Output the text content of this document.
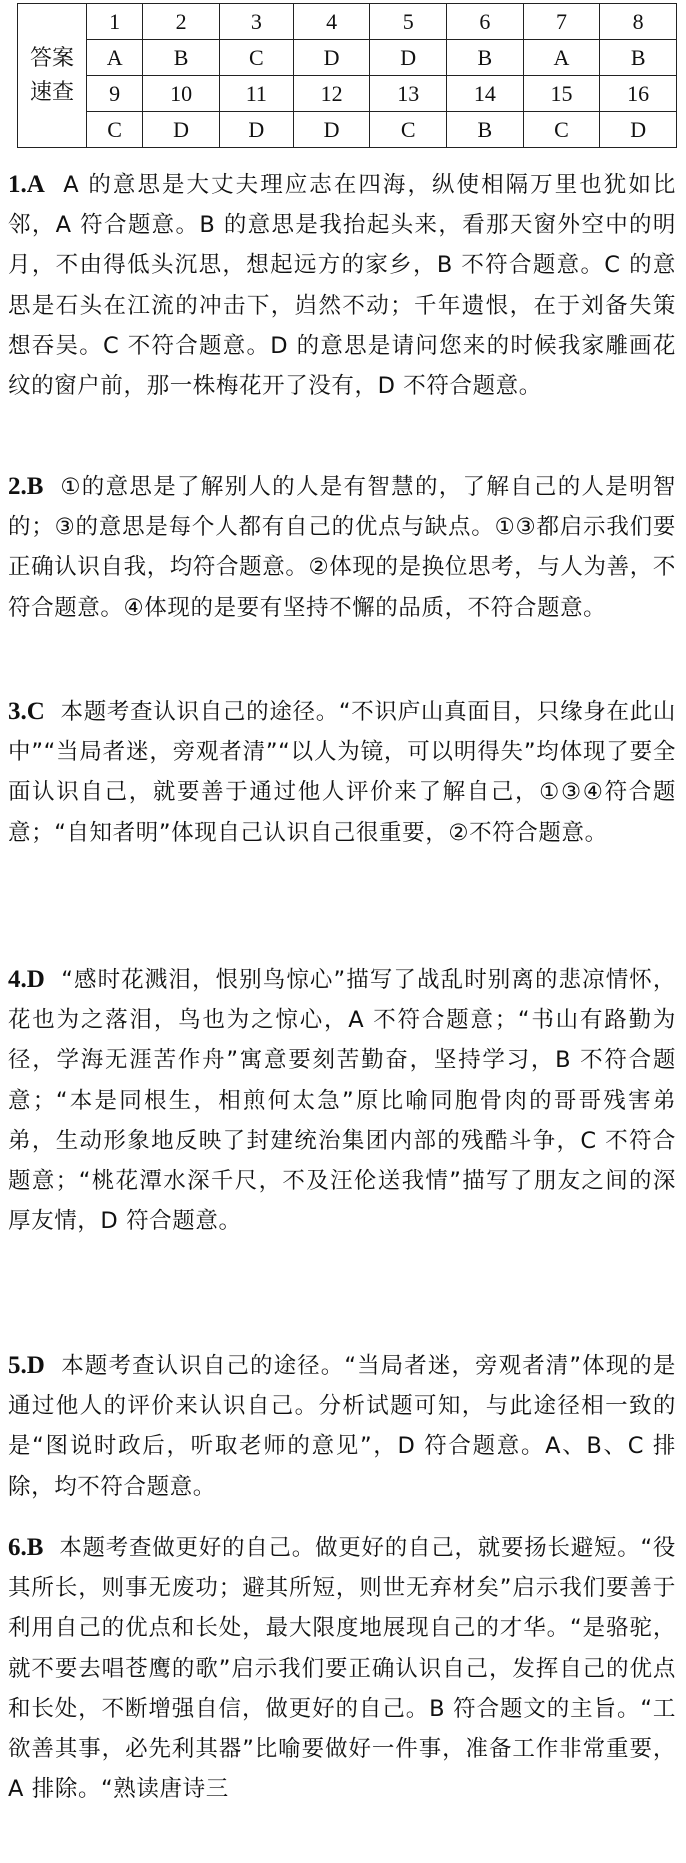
答案
速查	1	2	3	4	5	6	7	8
	A	B	C	D	D	B	A	B
	9	10	11	12	13	14	15	16
	C	D	D	D	C	B	C	D
1.A A 的意思是大丈夫理应志在四海，纵使相隔万里也犹如比邻，A 符合题意。B 的意思是我抬起头来，看那天窗外空中的明月，不由得低头沉思，想起远方的家乡，B 不符合题意。C 的意思是石头在江流的冲击下，岿然不动；千年遗恨，在于刘备失策想吞吴。C 不符合题意。D 的意思是请问您来的时候我家雕画花纹的窗户前，那一株梅花开了没有，D 不符合题意。
2.B ①的意思是了解别人的人是有智慧的，了解自己的人是明智的；③的意思是每个人都有自己的优点与缺点。①③都启示我们要正确认识自我，均符合题意。②体现的是换位思考，与人为善，不符合题意。④体现的是要有坚持不懈的品质，不符合题意。
3.C 本题考查认识自己的途径。“不识庐山真面目，只缘身在此山中”“当局者迷，旁观者清”“以人为镜，可以明得失”均体现了要全面认识自己，就要善于通过他人评价来了解自己，①③④符合题意；“自知者明”体现自己认识自己很重要，②不符合题意。
4.D “感时花溅泪，恨别鸟惊心”描写了战乱时别离的悲凉情怀，花也为之落泪，鸟也为之惊心，A 不符合题意；“书山有路勤为径，学海无涯苦作舟”寓意要刻苦勤奋，坚持学习，B 不符合题意；“本是同根生，相煎何太急”原比喻同胞骨肉的哥哥残害弟弟，生动形象地反映了封建统治集团内部的残酷斗争，C 不符合题意；“桃花潭水深千尺，不及汪伦送我情”描写了朋友之间的深厚友情，D 符合题意。
5.D 本题考查认识自己的途径。“当局者迷，旁观者清”体现的是通过他人的评价来认识自己。分析试题可知，与此途径相一致的是“图说时政后，听取老师的意见”，D 符合题意。A、B、C 排除，均不符合题意。
6.B 本题考查做更好的自己。做更好的自己，就要扬长避短。“役其所长，则事无废功；避其所短，则世无弃材矣”启示我们要善于利用自己的优点和长处，最大限度地展现自己的才华。“是骆驼，就不要去唱苍鹰的歌”启示我们要正确认识自己，发挥自己的优点和长处，不断增强自信，做更好的自己。B 符合题文的主旨。“工欲善其事，必先利其器”比喻要做好一件事，准备工作非常重要，A 排除。“熟读唐诗三
